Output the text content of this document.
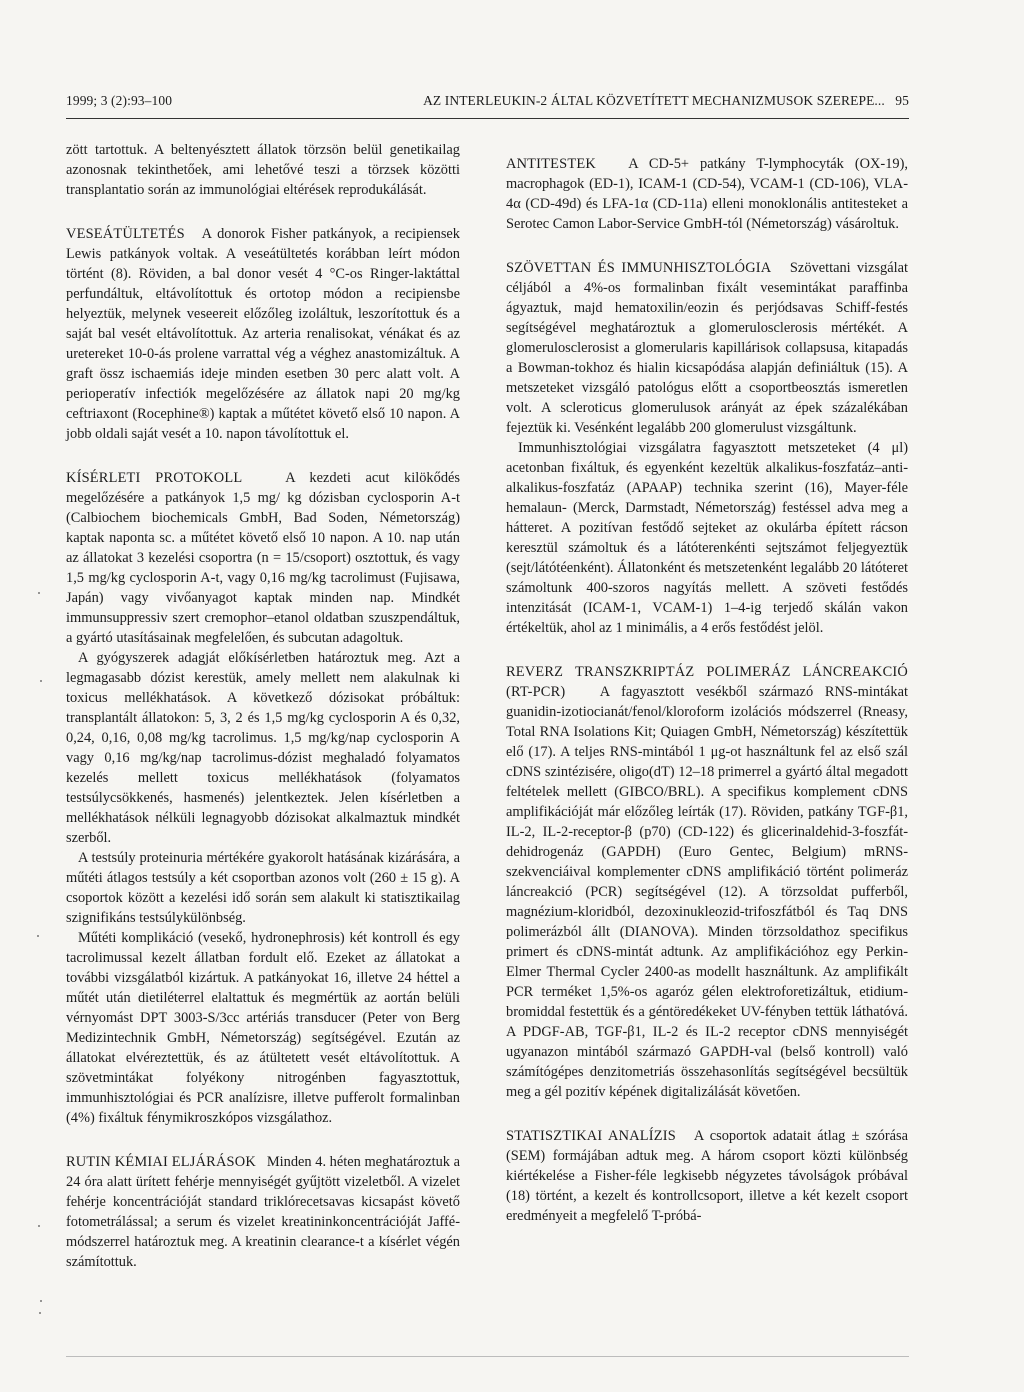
1999; 3 (2):93–100	AZ INTERLEUKIN-2 ÁLTAL KÖZVETÍTETT MECHANIZMUSOK SZEREPE... 95

zött tartottuk. A beltenyésztett állatok törzsön belül genetikailag azonosnak tekinthetőek, ami lehetővé teszi a törzsek közötti transplantatio során az immunológiai eltérések reprodukálását.

VESEÁTÜLTETÉS A donorok Fisher patkányok, a recipiensek Lewis patkányok voltak. A veseátültetés korábban leírt módon történt (8). Röviden, a bal donor vesét 4 °C-os Ringer-laktáttal perfundáltuk, eltávolítottuk és ortotop módon a recipiensbe helyeztük, melynek veseereit előzőleg izoláltuk, leszorítottuk és a saját bal vesét eltávolítottuk. Az arteria renalisokat, vénákat és az uretereket 10-0-ás prolene varrattal vég a véghez anastomizáltuk. A graft össz ischaemiás ideje minden esetben 30 perc alatt volt. A perioperatív infectiók megelőzésére az állatok napi 20 mg/kg ceftriaxont (Rocephine®) kaptak a műtétet követő első 10 napon. A jobb oldali saját vesét a 10. napon távolítottuk el.

KÍSÉRLETI PROTOKOLL	A kezdeti acut kilökődés megelőzésére a patkányok 1,5 mg/ kg dózisban cyclosporin A-t (Calbiochem biochemicals GmbH, Bad Soden, Németország) kaptak naponta sc. a műtétet követő első 10 napon. A 10. nap után az állatokat 3 kezelési csoportra (n = 15/csoport) osztottuk, és vagy 1,5 mg/kg cyclosporin A-t, vagy 0,16 mg/kg tacrolimust (Fujisawa, Japán) vagy vivőanyagot kaptak minden nap. Mindkét immunsuppressiv szert cremophor–etanol oldatban szuszpendáltuk, a gyártó utasításainak megfelelően, és subcutan adagoltuk.

A gyógyszerek adagját előkísérletben határoztuk meg. Azt a legmagasabb dózist kerestük, amely mellett nem alakulnak ki toxicus mellékhatások. A következő dózisokat próbáltuk: transplantált állatokon: 5, 3, 2 és 1,5 mg/kg cyclosporin A és 0,32, 0,24, 0,16, 0,08 mg/kg tacrolimus. 1,5 mg/kg/nap cyclosporin A vagy 0,16 mg/kg/nap tacrolimus-dózist meghaladó folyamatos kezelés mellett toxicus mellékhatások (folyamatos testsúlycsökkenés, hasmenés) jelentkeztek. Jelen kísérletben a mellékhatások nélküli legnagyobb dózisokat alkalmaztuk mindkét szerből.

A testsúly proteinuria mértékére gyakorolt hatásának kizárására, a műtéti átlagos testsúly a két csoportban azonos volt (260 ± 15 g). A csoportok között a kezelési idő során sem alakult ki statisztikailag szignifikáns testsúlykülönbség.

Műtéti komplikáció (vesekő, hydronephrosis) két kontroll és egy tacrolimussal kezelt állatban fordult elő. Ezeket az állatokat a további vizsgálatból kizártuk. A patkányokat 16, illetve 24 héttel a műtét után dietiléterrel elaltattuk és megmértük az aortán belüli vérnyomást DPT 3003-S/3cc artériás transducer (Peter von Berg Medizintechnik GmbH, Németország) segítségével. Ezután az állatokat elvéreztettük, és az átültetett vesét eltávolítottuk. A szövetmintákat folyékony nitrogénben fagyasztottuk, immunhisztológiai és PCR analízisre, illetve pufferolt formalinban (4%) fixáltuk fénymikroszkópos vizsgálathoz.

RUTIN KÉMIAI ELJÁRÁSOK Minden 4. héten meghatároztuk a 24 óra alatt ürített fehérje mennyiségét gyűjtött vizeletből. A vizelet fehérje koncentrációját standard triklórecetsavas kicsapást követő fotometrálással; a serum és vizelet kreatininkoncentrációját Jaffé-módszerrel határoztuk meg. A kreatinin clearance-t a kísérlet végén számítottuk.

ANTITESTEK A CD-5+ patkány T-lymphocyták (OX-19), macrophagok (ED-1), ICAM-1 (CD-54), VCAM-1 (CD-106), VLA-4α (CD-49d) és LFA-1α (CD-11a) elleni monoklonális antitesteket a Serotec Camon Labor-Service GmbH-tól (Németország) vásároltuk.

SZÖVETTAN ÉS IMMUNHISZTOLÓGIA Szövettani vizsgálat céljából a 4%-os formalinban fixált vesemintákat paraffinba ágyaztuk, majd hematoxilin/eozin és perjódsavas Schiff-festés segítségével meghatároztuk a glomerulosclerosis mértékét. A glomerulosclerosist a glomerularis kapillárisok collapsusa, kitapadás a Bowman-tokhoz és hialin kicsapódása alapján definiáltuk (15). A metszeteket vizsgáló patológus előtt a csoportbeosztás ismeretlen volt. A scleroticus glomerulusok arányát az épek százalékában fejeztük ki. Vesénként legalább 200 glomerulust vizsgáltunk.

Immunhisztológiai vizsgálatra fagyasztott metszeteket (4 μl) acetonban fixáltuk, és egyenként kezeltük alkalikus-foszfatáz–anti-alkalikus-foszfatáz (APAAP) technika szerint (16), Mayer-féle hemalaun- (Merck, Darmstadt, Németország) festéssel adva meg a hátteret. A pozitívan festődő sejteket az okulárba épített rácson keresztül számoltuk és a látóterenkénti sejtszámot feljegyeztük (sejt/látótéenként). Állatonként és metszetenként legalább 20 látóteret számoltunk 400-szoros nagyítás mellett. A szöveti festődés intenzitását (ICAM-1, VCAM-1) 1–4-ig terjedő skálán vakon értékeltük, ahol az 1 minimális, a 4 erős festődést jelöl.

REVERZ TRANSZKRIPTÁZ POLIMERÁZ LÁNCREAKCIÓ (RT-PCR) A fagyasztott vesékből származó RNS-mintákat guanidin-izotiocianát/fenol/kloroform izolációs módszerrel (Rneasy, Total RNA Isolations Kit; Quiagen GmbH, Németország) készítettük elő (17). A teljes RNS-mintából 1 μg-ot használtunk fel az első szál cDNS szintézisére, oligo(dT) 12–18 primerrel a gyártó által megadott feltételek mellett (GIBCO/BRL). A specifikus komplement cDNS amplifikációját már előzőleg leírták (17). Röviden, patkány TGF-β1, IL-2, IL-2-receptor-β (p70) (CD-122) és glicerinaldehid-3-foszfát-dehidrogenáz (GAPDH) (Euro Gentec, Belgium) mRNS-szekvenciáival komplementer cDNS amplifikáció történt polimeráz láncreakció (PCR) segítségével (12). A törzsoldat pufferből, magnézium-kloridból, dezoxinukleozid-trifoszfátból és Taq DNS polimerázból állt (DIANOVA). Minden törzsoldathoz specifikus primert és cDNS-mintát adtunk. Az amplifikációhoz egy Perkin-Elmer Thermal Cycler 2400-as modellt használtunk. Az amplifikált PCR terméket 1,5%-os agaróz gélen elektroforetizáltuk, etidium-bromiddal festettük és a géntöredékeket UV-fényben tettük láthatóvá. A PDGF-AB, TGF-β1, IL-2 és IL-2 receptor cDNS mennyiségét ugyanazon mintából származó GAPDH-val (belső kontroll) való számítógépes denzitometriás összehasonlítás segítségével becsültük meg a gél pozitív képének digitalizálását követően.

STATISZTIKAI ANALÍZIS A csoportok adatait átlag ± szórása (SEM) formájában adtuk meg. A három csoport közti különbség kiértékelése a Fisher-féle legkisebb négyzetes távolságok próbával (18) történt, a kezelt és kontrollcsoport, illetve a két kezelt csoport eredményeit a megfelelő T-próbá-
